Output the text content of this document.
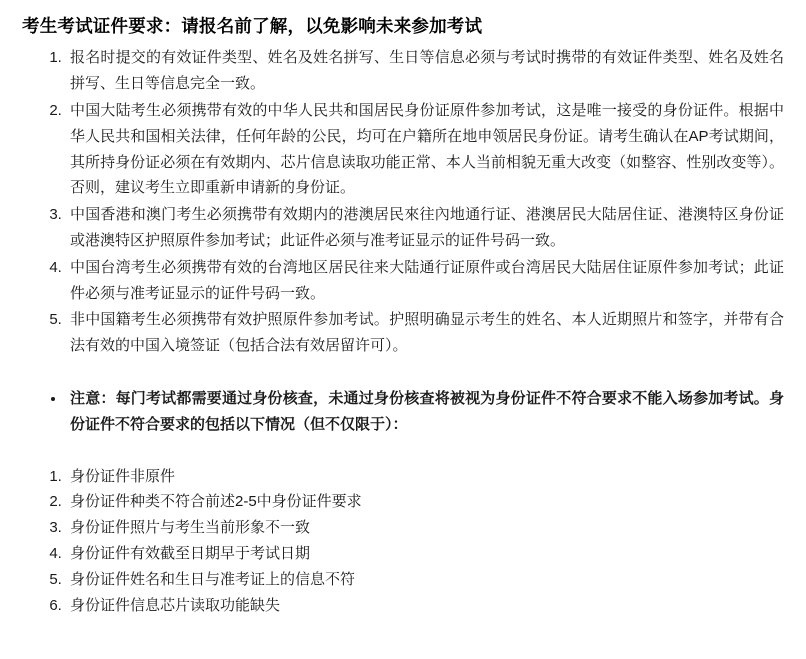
考生考试证件要求：请报名前了解，以免影响未来参加考试
1. 报名时提交的有效证件类型、姓名及姓名拼写、生日等信息必须与考试时携带的有效证件类型、姓名及姓名拼写、生日等信息完全一致。
2. 中国大陆考生必须携带有效的中华人民共和国居民身份证原件参加考试，这是唯一接受的身份证件。根据中华人民共和国相关法律，任何年龄的公民，均可在户籍所在地申领居民身份证。请考生确认在AP考试期间，其所持身份证必须在有效期内、芯片信息读取功能正常、本人当前相貌无重大改变（如整容、性别改变等）。否则，建议考生立即重新申请新的身份证。
3. 中国香港和澳门考生必须携带有效期内的港澳居民來往內地通行证、港澳居民大陆居住证、港澳特区身份证或港澳特区护照原件参加考试；此证件必须与准考证显示的证件号码一致。
4. 中国台湾考生必须携带有效的台湾地区居民往来大陆通行证原件或台湾居民大陆居住证原件参加考试；此证件必须与准考证显示的证件号码一致。
5. 非中国籍考生必须携带有效护照原件参加考试。护照明确显示考生的姓名、本人近期照片和签字，并带有合法有效的中国入境签证（包括合法有效居留许可）。
• 注意：每门考试都需要通过身份核查，未通过身份核查将被视为身份证件不符合要求不能入场参加考试。身份证件不符合要求的包括以下情况（但不仅限于）：
1. 身份证件非原件
2. 身份证件种类不符合前述2-5中身份证件要求
3. 身份证件照片与考生当前形象不一致
4. 身份证件有效截至日期早于考试日期
5. 身份证件姓名和生日与准考证上的信息不符
6. 身份证件信息芯片读取功能缺失
